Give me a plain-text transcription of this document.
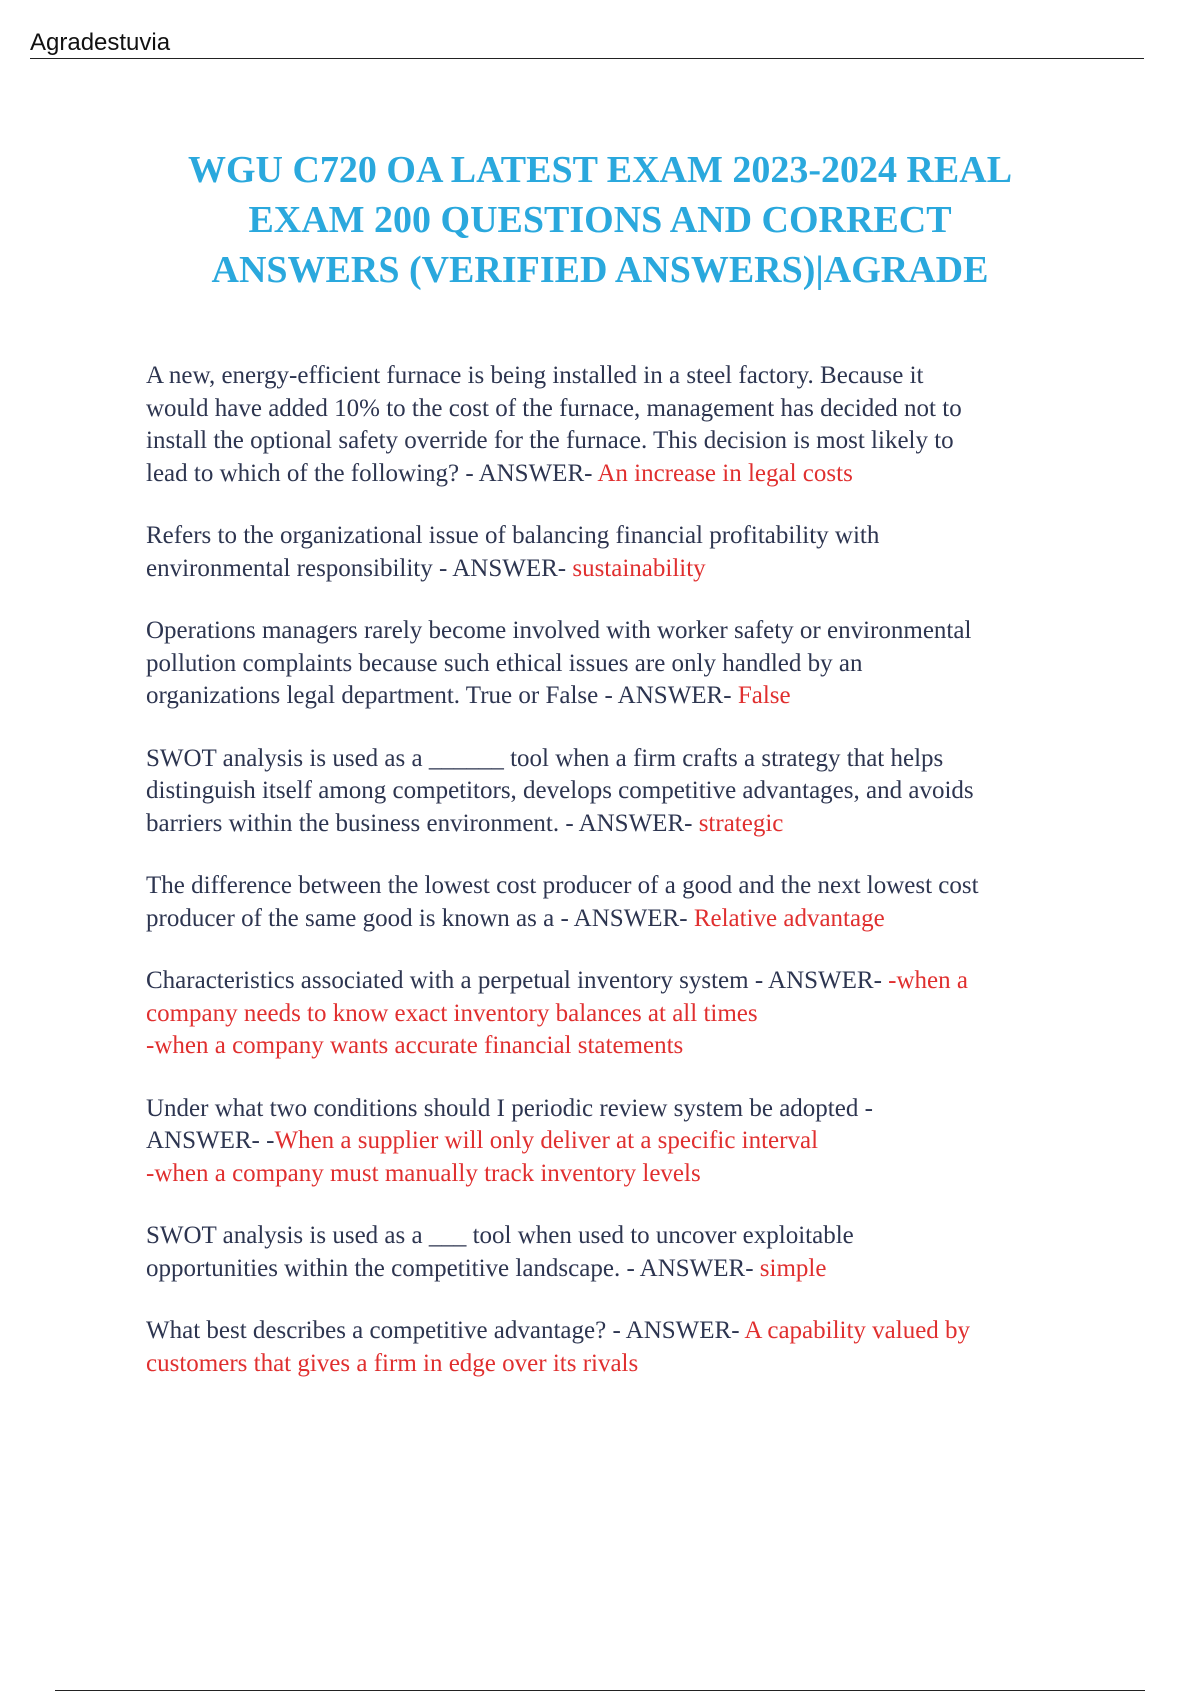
Agradestuvia
WGU C720 OA LATEST EXAM 2023-2024 REAL
EXAM 200 QUESTIONS AND CORRECT
ANSWERS (VERIFIED ANSWERS)|AGRADE

A new, energy-efficient furnace is being installed in a steel factory. Because it
would have added 10% to the cost of the furnace, management has decided not to
install the optional safety override for the furnace. This decision is most likely to
lead to which of the following? - ANSWER- An increase in legal costs

Refers to the organizational issue of balancing financial profitability with
environmental responsibility - ANSWER- sustainability

Operations managers rarely become involved with worker safety or environmental
pollution complaints because such ethical issues are only handled by an
organizations legal department. True or False - ANSWER- False

SWOT analysis is used as a ______ tool when a firm crafts a strategy that helps
distinguish itself among competitors, develops competitive advantages, and avoids
barriers within the business environment. - ANSWER- strategic

The difference between the lowest cost producer of a good and the next lowest cost
producer of the same good is known as a - ANSWER- Relative advantage

Characteristics associated with a perpetual inventory system - ANSWER- -when a
company needs to know exact inventory balances at all times
-when a company wants accurate financial statements

Under what two conditions should I periodic review system be adopted -
ANSWER- -When a supplier will only deliver at a specific interval
-when a company must manually track inventory levels

SWOT analysis is used as a ___ tool when used to uncover exploitable
opportunities within the competitive landscape. - ANSWER- simple

What best describes a competitive advantage? - ANSWER- A capability valued by
customers that gives a firm in edge over its rivals
